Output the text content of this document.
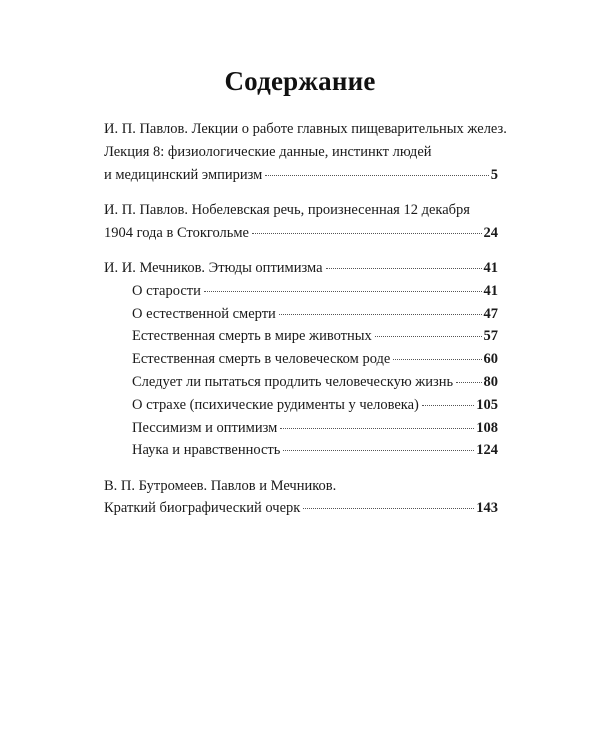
Содержание
И. П. Павлов. Лекции о работе главных пищеварительных желез.
Лекция 8: физиологические данные, инстинкт людей
и медицинский эмпиризм	5
И. П. Павлов. Нобелевская речь, произнесенная 12 декабря
1904 года в Стокгольме	24
И. И. Мечников. Этюды оптимизма	41
О старости	41
О естественной смерти	47
Естественная смерть в мире животных	57
Естественная смерть в человеческом роде	60
Следует ли пытаться продлить человеческую жизнь 80
О страхе (психические рудименты у человека)	105
Пессимизм и оптимизм	108
Наука и нравственность	124
В. П. Бутромеев. Павлов и Мечников.
Краткий биографический очерк	143
